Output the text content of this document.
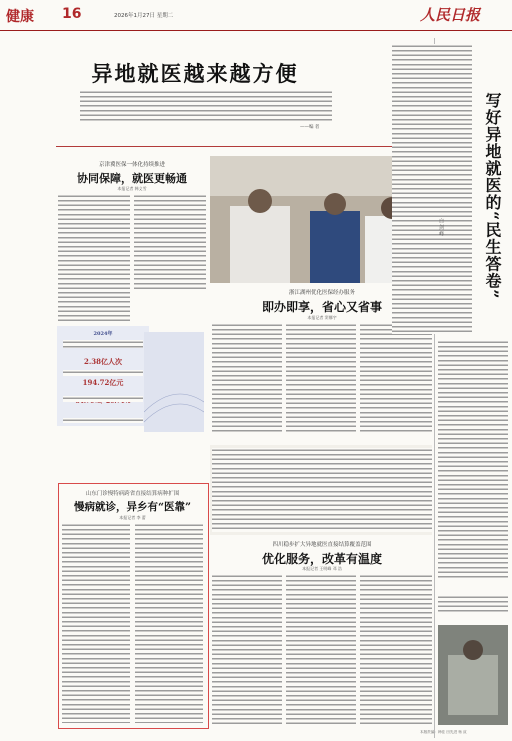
健康 16	2026年1月27日 星期二	人民日报
异地就医越来越方便
——编 者
京津冀医保一体化持续推进
协同保障，就医更畅通
本报记者 韩义雪
2024年
2.38亿人次
194.72亿元
浙江湖州优化医保经办服务
即办即享，省心又省事
本报记者 窦娜宇
山东门诊慢特病跨省直接结算病种扩围
慢病就诊，异乡有“医靠”
本报记者 李 蕾
四川稳步扩大异地就医直接结算覆盖范围
优化服务，改革有温度
本报记者 王明峰 邓 浩
写好异地就医的“民生答卷”
白 剑 峰
本版责编：韩佳 田先进 杨 渲
